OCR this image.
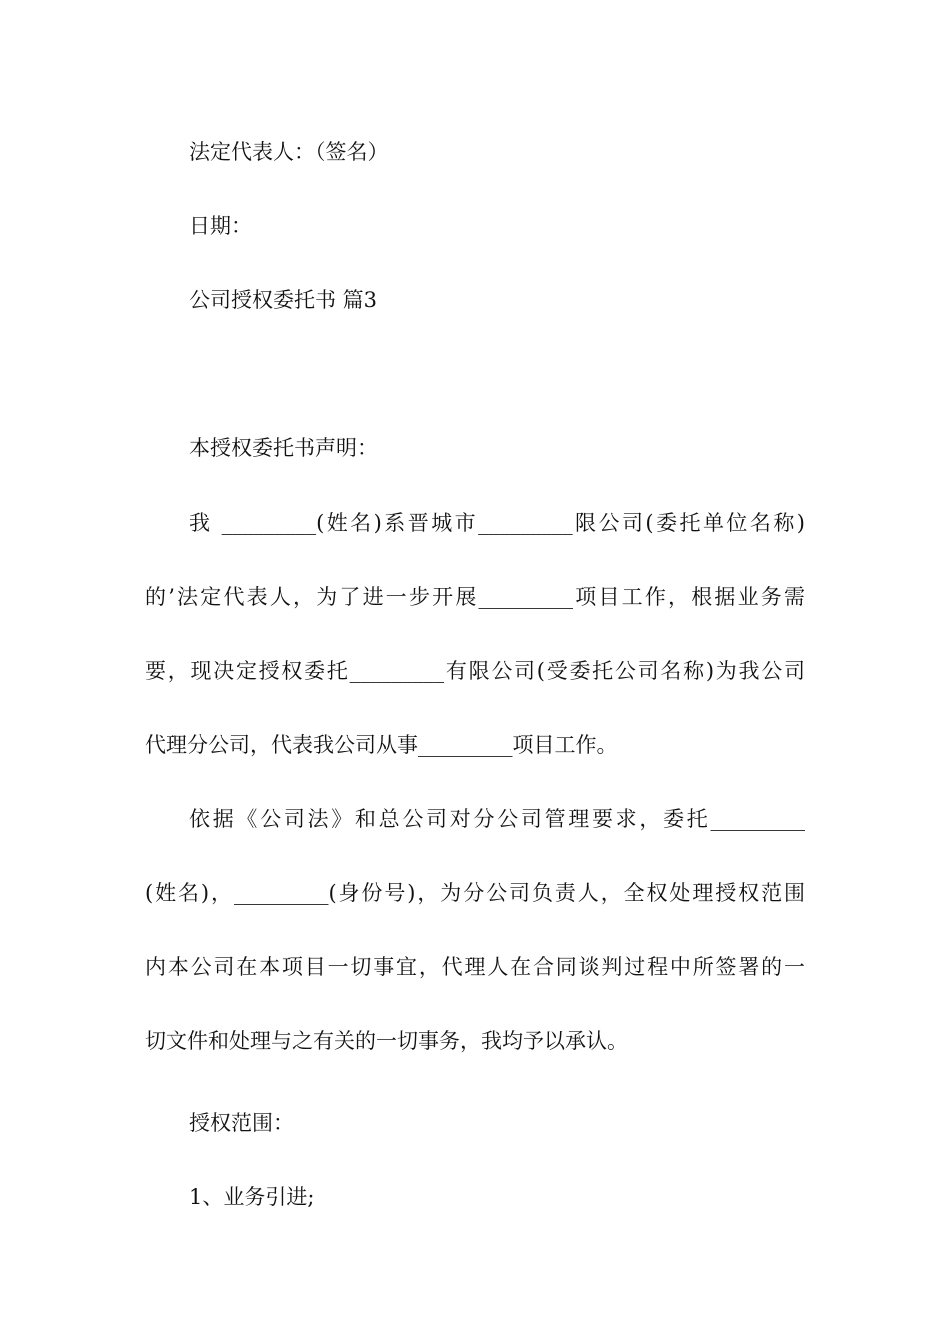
法定代表人：（签名）
日期：
公司授权委托书 篇3
本授权委托书声明：
我 _________(姓名)系晋城市_________限公司(委托单位名称)
的’法定代表人，为了进一步开展_________项目工作，根据业务需
要，现决定授权委托_________有限公司(受委托公司名称)为我公司
代理分公司，代表我公司从事_________项目工作。
依据《公司法》和总公司对分公司管理要求，委托_________
(姓名)，_________(身份号)，为分公司负责人，全权处理授权范围
内本公司在本项目一切事宜，代理人在合同谈判过程中所签署的一
切文件和处理与之有关的一切事务，我均予以承认。
授权范围：
1、业务引进;
